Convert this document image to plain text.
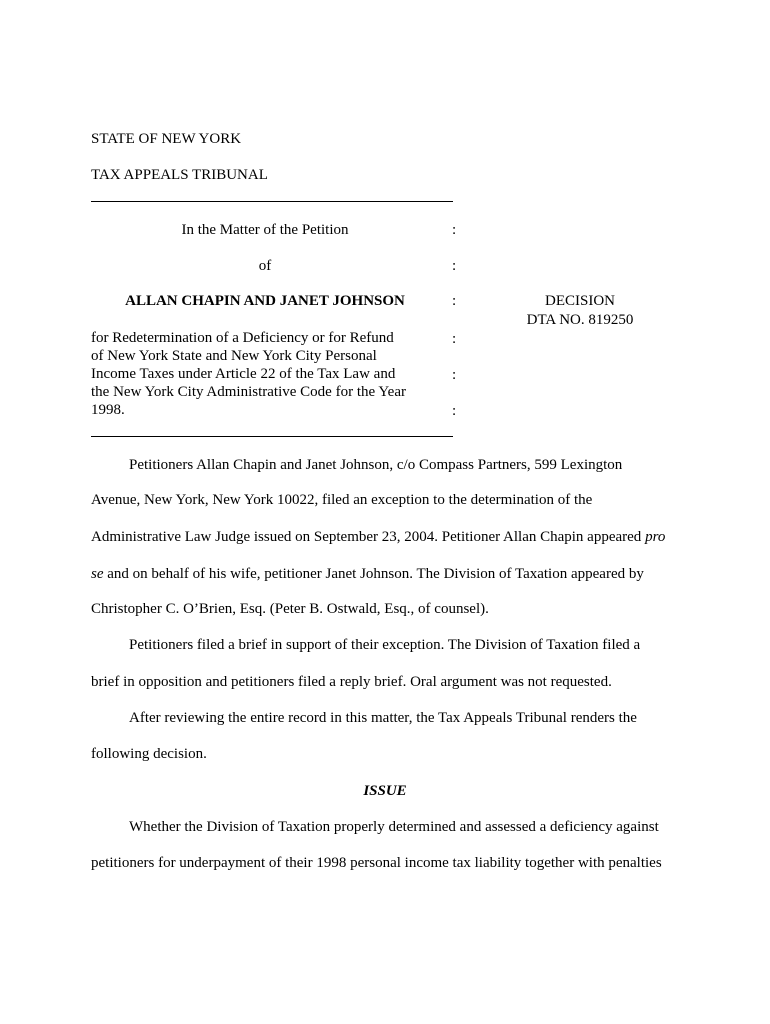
STATE OF NEW YORK
TAX APPEALS TRIBUNAL
In the Matter of the Petition
of
ALLAN CHAPIN AND JANET JOHNSON
for Redetermination of a Deficiency or for Refund
of New York State and New York City Personal
Income Taxes under Article 22 of the Tax Law and
the New York City Administrative Code for the Year
1998.
:
:
:
:
:
:
DECISION
DTA NO. 819250
Petitioners Allan Chapin and Janet Johnson, c/o Compass Partners, 599 Lexington
Avenue, New York, New York 10022, filed an exception to the determination of the
Administrative Law Judge issued on September 23, 2004. Petitioner Allan Chapin appeared pro
se and on behalf of his wife, petitioner Janet Johnson. The Division of Taxation appeared by
Christopher C. O’Brien, Esq. (Peter B. Ostwald, Esq., of counsel).
Petitioners filed a brief in support of their exception. The Division of Taxation filed a
brief in opposition and petitioners filed a reply brief. Oral argument was not requested.
After reviewing the entire record in this matter, the Tax Appeals Tribunal renders the
following decision.
ISSUE
Whether the Division of Taxation properly determined and assessed a deficiency against
petitioners for underpayment of their 1998 personal income tax liability together with penalties
